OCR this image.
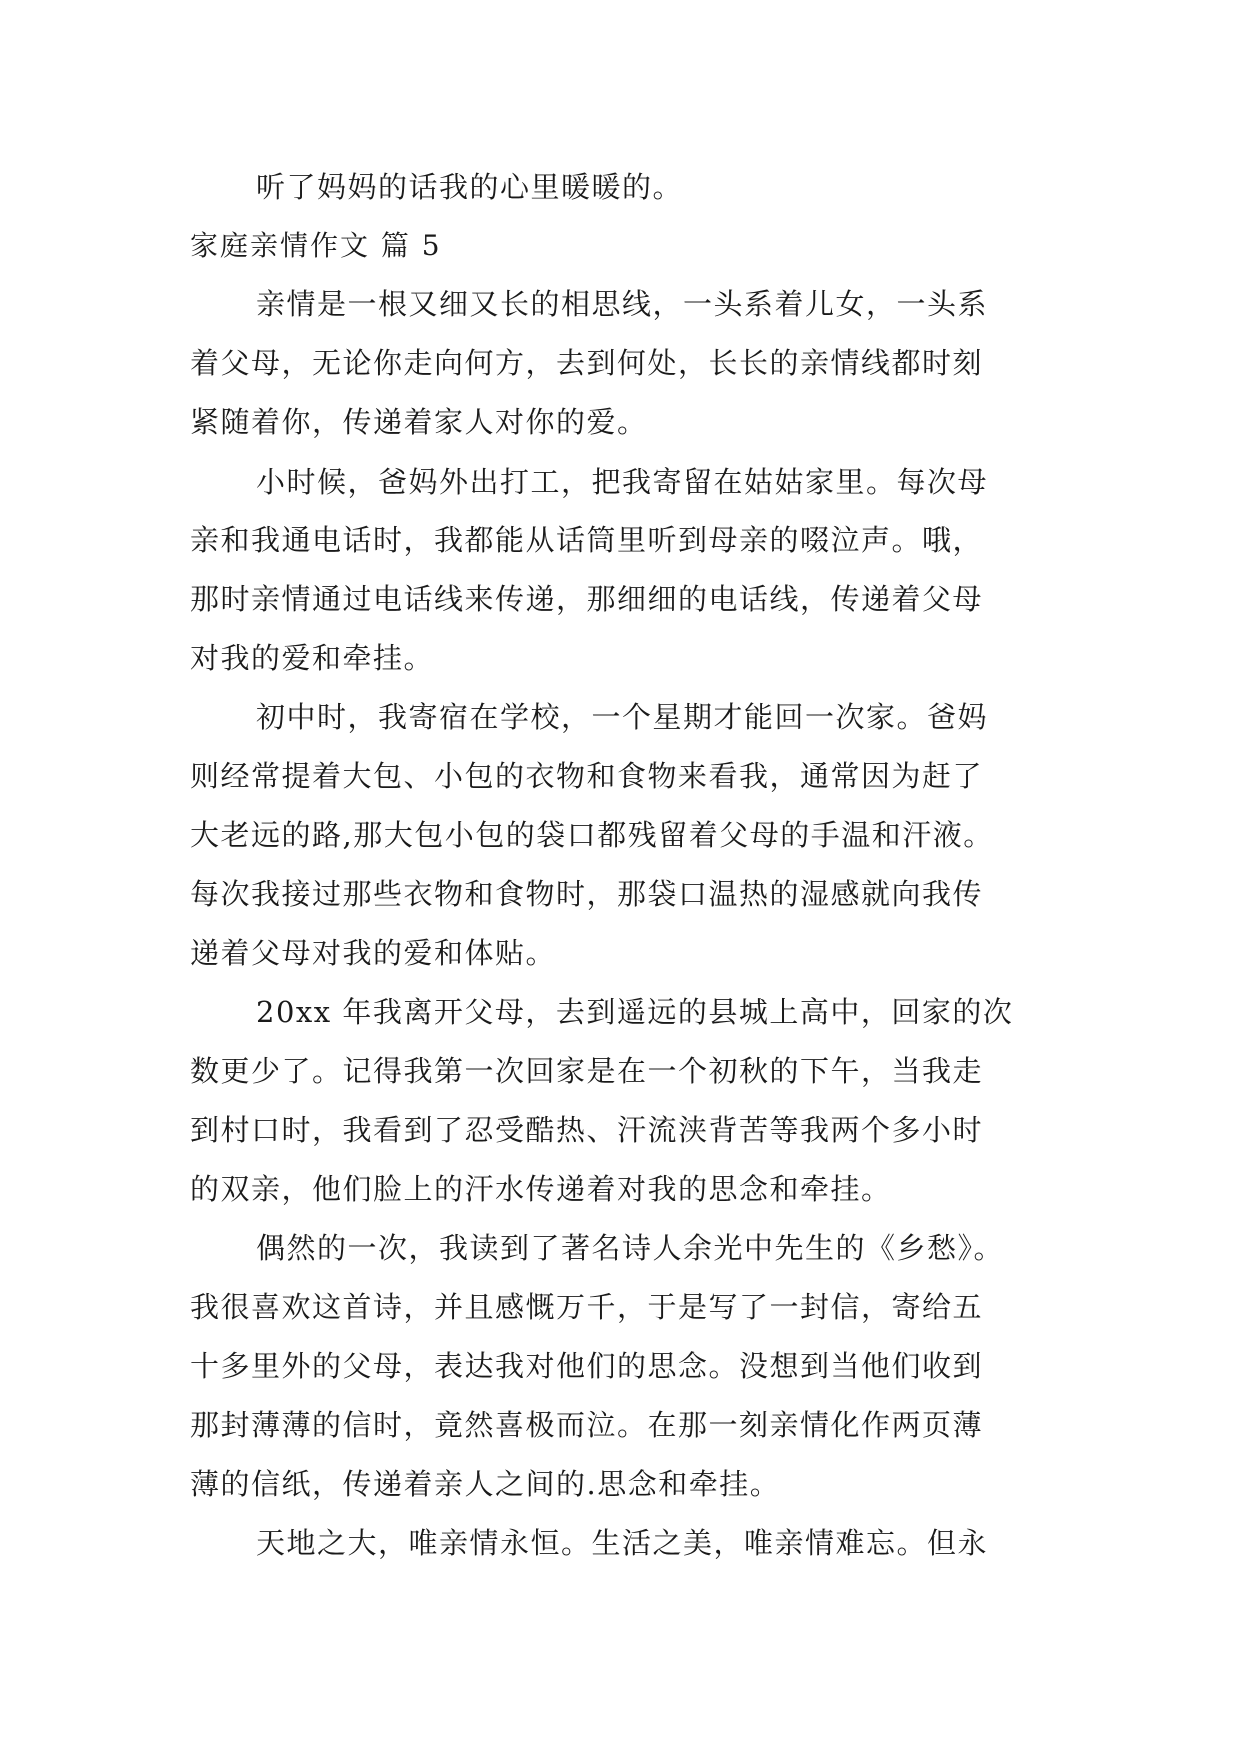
听了妈妈的话我的心里暖暖的。
家庭亲情作文 篇 5
亲情是一根又细又长的相思线，一头系着儿女，一头系
着父母，无论你走向何方，去到何处，长长的亲情线都时刻
紧随着你，传递着家人对你的爱。
小时候，爸妈外出打工，把我寄留在姑姑家里。每次母
亲和我通电话时，我都能从话筒里听到母亲的啜泣声。哦，
那时亲情通过电话线来传递，那细细的电话线，传递着父母
对我的爱和牵挂。
初中时，我寄宿在学校，一个星期才能回一次家。爸妈
则经常提着大包、小包的衣物和食物来看我，通常因为赶了
大老远的路,那大包小包的袋口都残留着父母的手温和汗液。
每次我接过那些衣物和食物时，那袋口温热的湿感就向我传
递着父母对我的爱和体贴。
20xx 年我离开父母，去到遥远的县城上高中，回家的次
数更少了。记得我第一次回家是在一个初秋的下午，当我走
到村口时，我看到了忍受酷热、汗流浃背苦等我两个多小时
的双亲，他们脸上的汗水传递着对我的思念和牵挂。
偶然的一次，我读到了著名诗人余光中先生的《乡愁》。
我很喜欢这首诗，并且感慨万千，于是写了一封信，寄给五
十多里外的父母，表达我对他们的思念。没想到当他们收到
那封薄薄的信时，竟然喜极而泣。在那一刻亲情化作两页薄
薄的信纸，传递着亲人之间的.思念和牵挂。
天地之大，唯亲情永恒。生活之美，唯亲情难忘。但永
